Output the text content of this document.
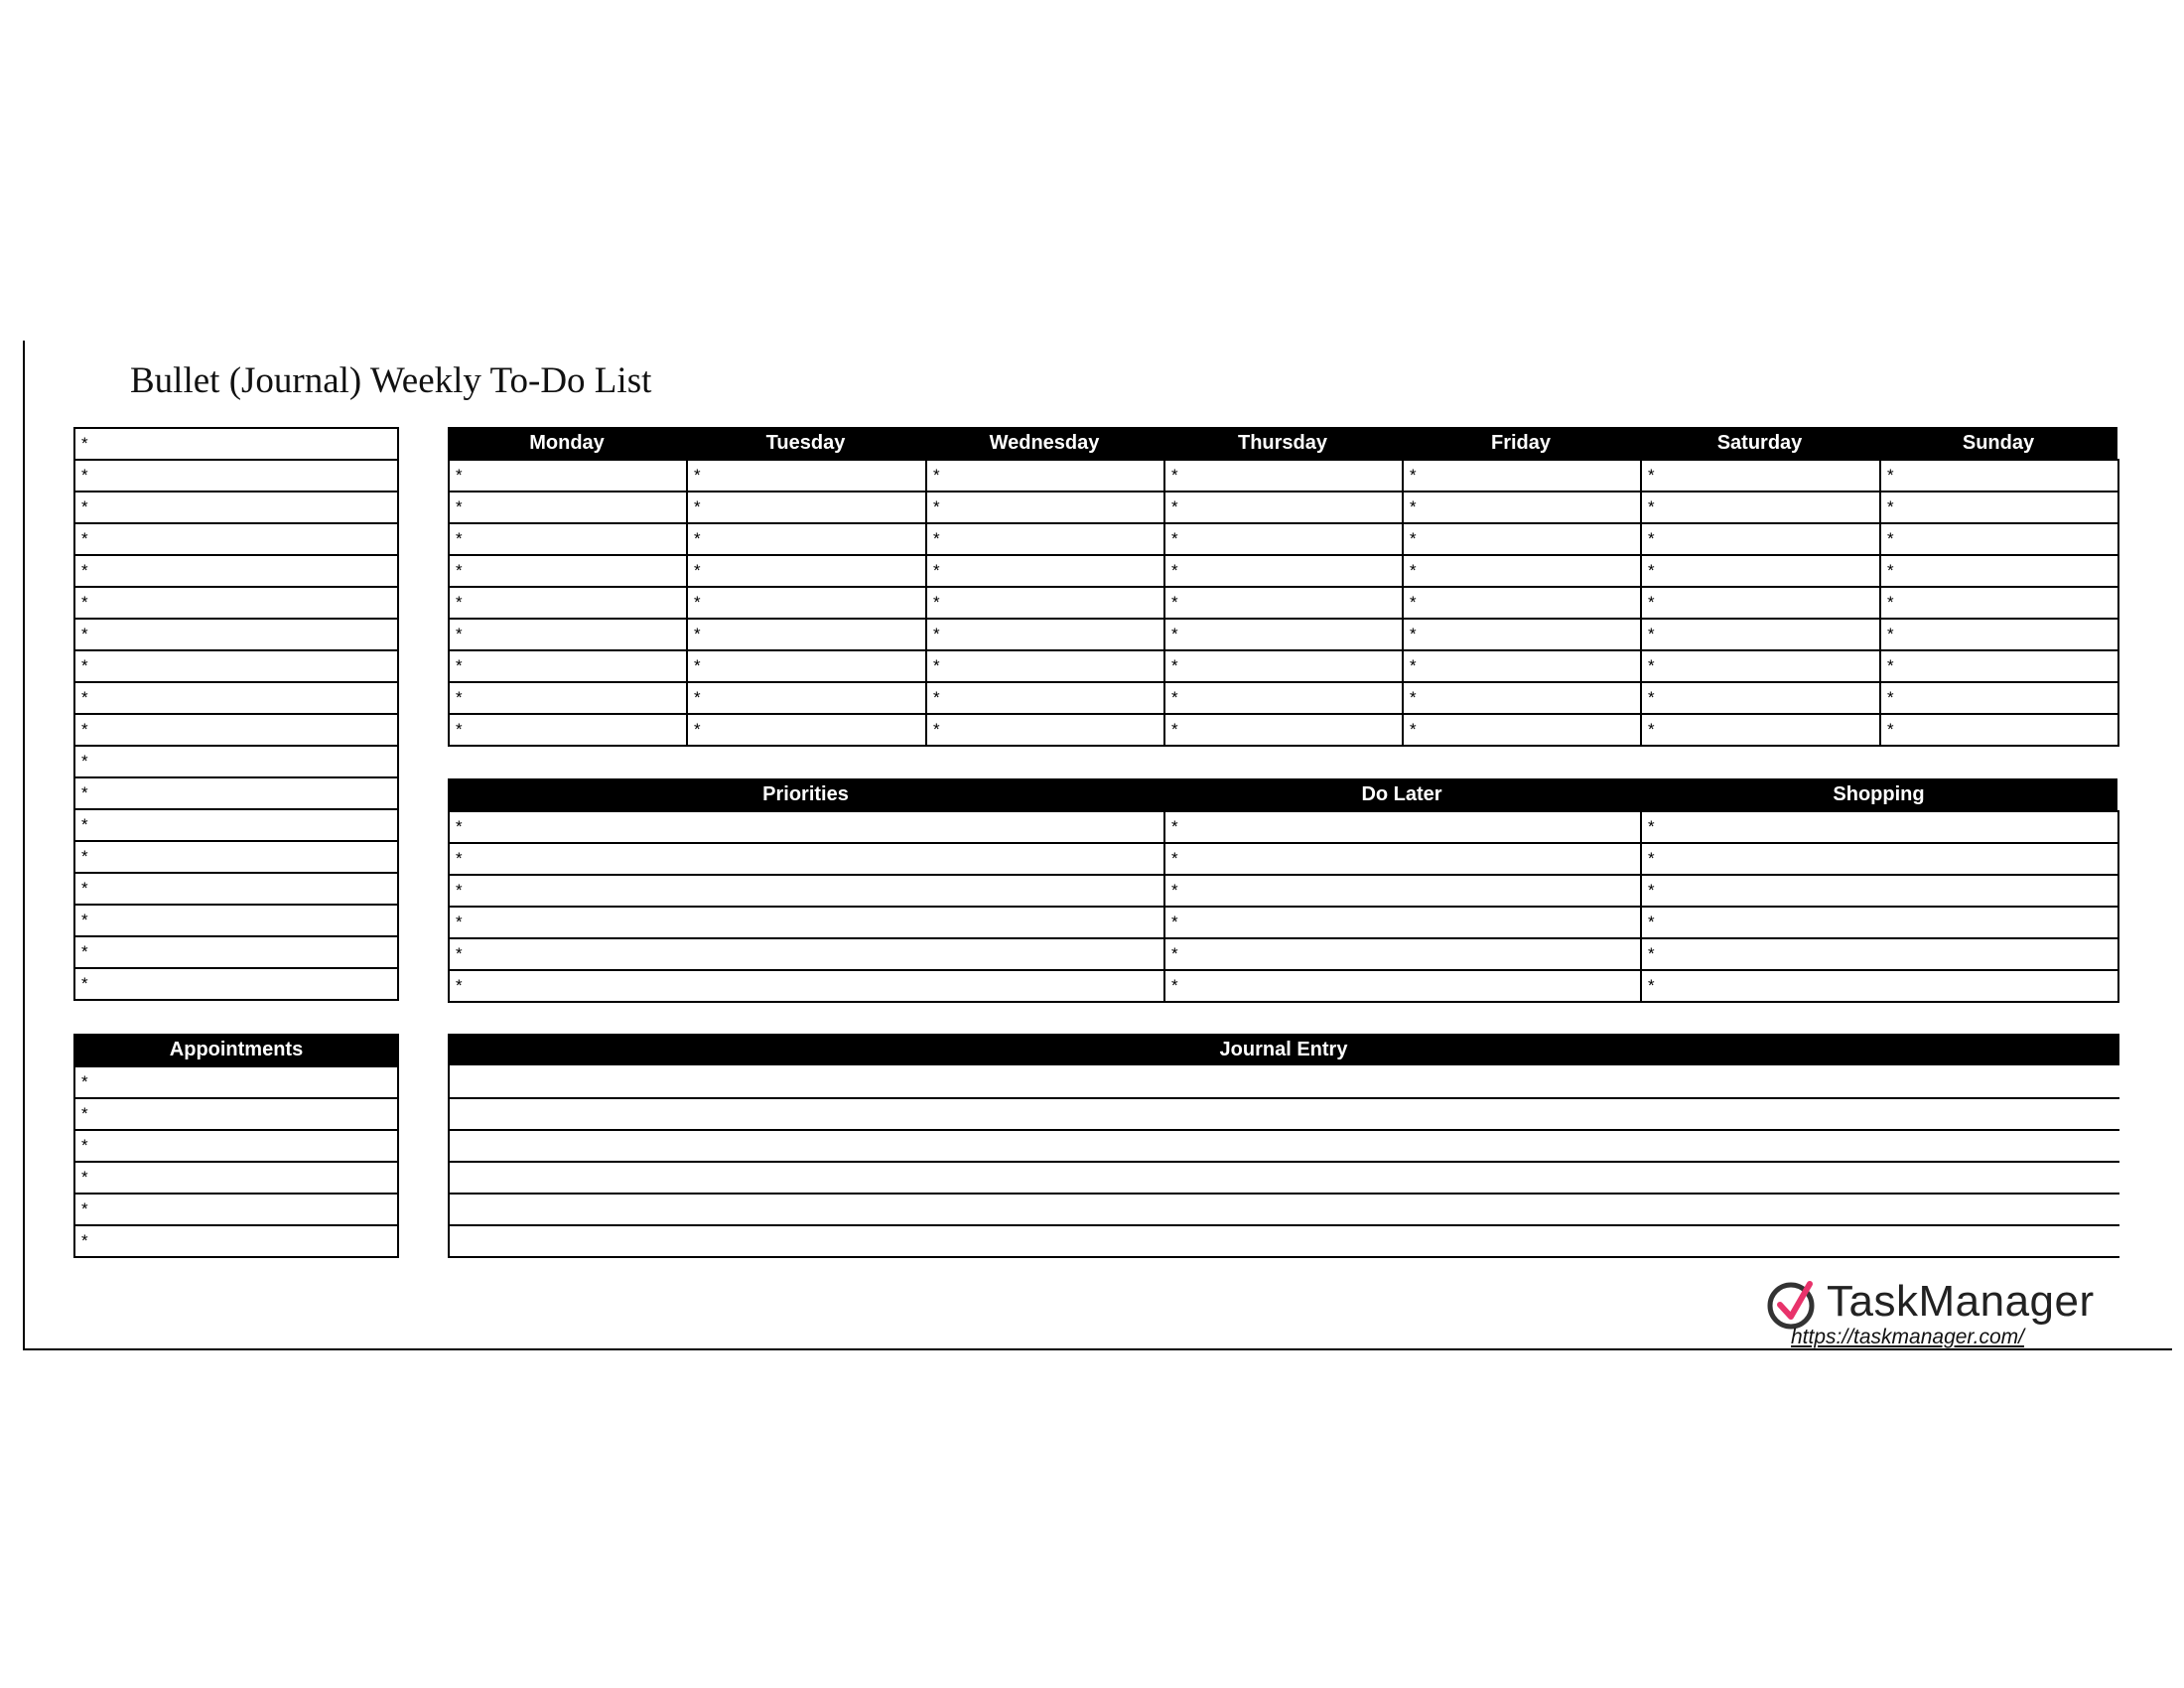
Bullet (Journal) Weekly To-Do List
*
*
*
*
*
*
*
*
*
*
*
*
*
*
*
*
*
*
Monday
*
*
*
*
*
*
*
*
*
Tuesday
*
*
*
*
*
*
*
*
*
Wednesday
*
*
*
*
*
*
*
*
*
Thursday
*
*
*
*
*
*
*
*
*
Friday
*
*
*
*
*
*
*
*
*
Saturday
*
*
*
*
*
*
*
*
*
Sunday
*
*
*
*
*
*
*
*
*
Priorities
*
*
*
*
*
*
Do Later
*
*
*
*
*
*
Shopping
*
*
*
*
*
*
Appointments
*
*
*
*
*
*
Journal Entry
TaskManager
https://taskmanager.com/
